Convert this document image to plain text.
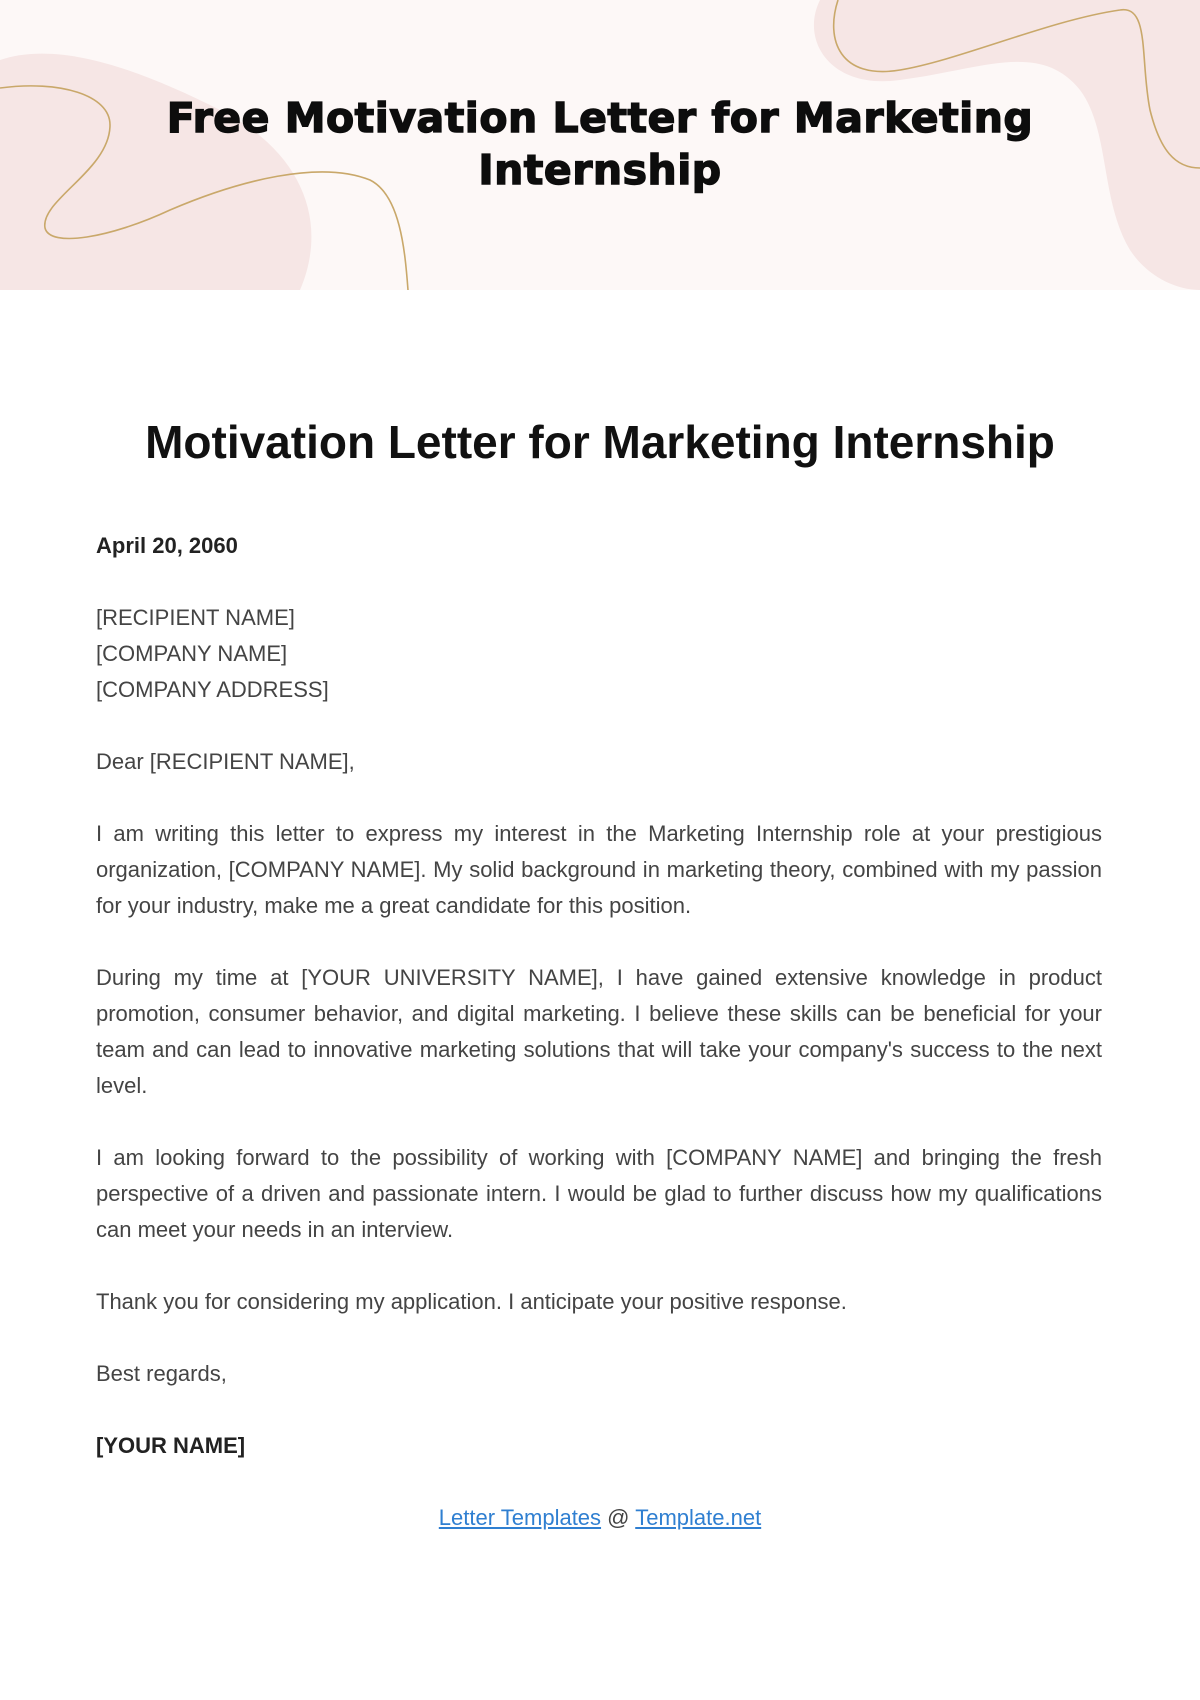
Free Motivation Letter for Marketing
Internship
Motivation Letter for Marketing Internship

April 20, 2060

[RECIPIENT NAME]
[COMPANY NAME]
[COMPANY ADDRESS]

Dear [RECIPIENT NAME],

I am writing this letter to express my interest in the Marketing Internship role at your prestigious organization, [COMPANY NAME]. My solid background in marketing theory, combined with my passion for your industry, make me a great candidate for this position.

During my time at [YOUR UNIVERSITY NAME], I have gained extensive knowledge in product promotion, consumer behavior, and digital marketing. I believe these skills can be beneficial for your team and can lead to innovative marketing solutions that will take your company's success to the next level.

I am looking forward to the possibility of working with [COMPANY NAME] and bringing the fresh perspective of a driven and passionate intern. I would be glad to further discuss how my qualifications can meet your needs in an interview.

Thank you for considering my application. I anticipate your positive response.

Best regards,

[YOUR NAME]

Letter Templates @ Template.net
